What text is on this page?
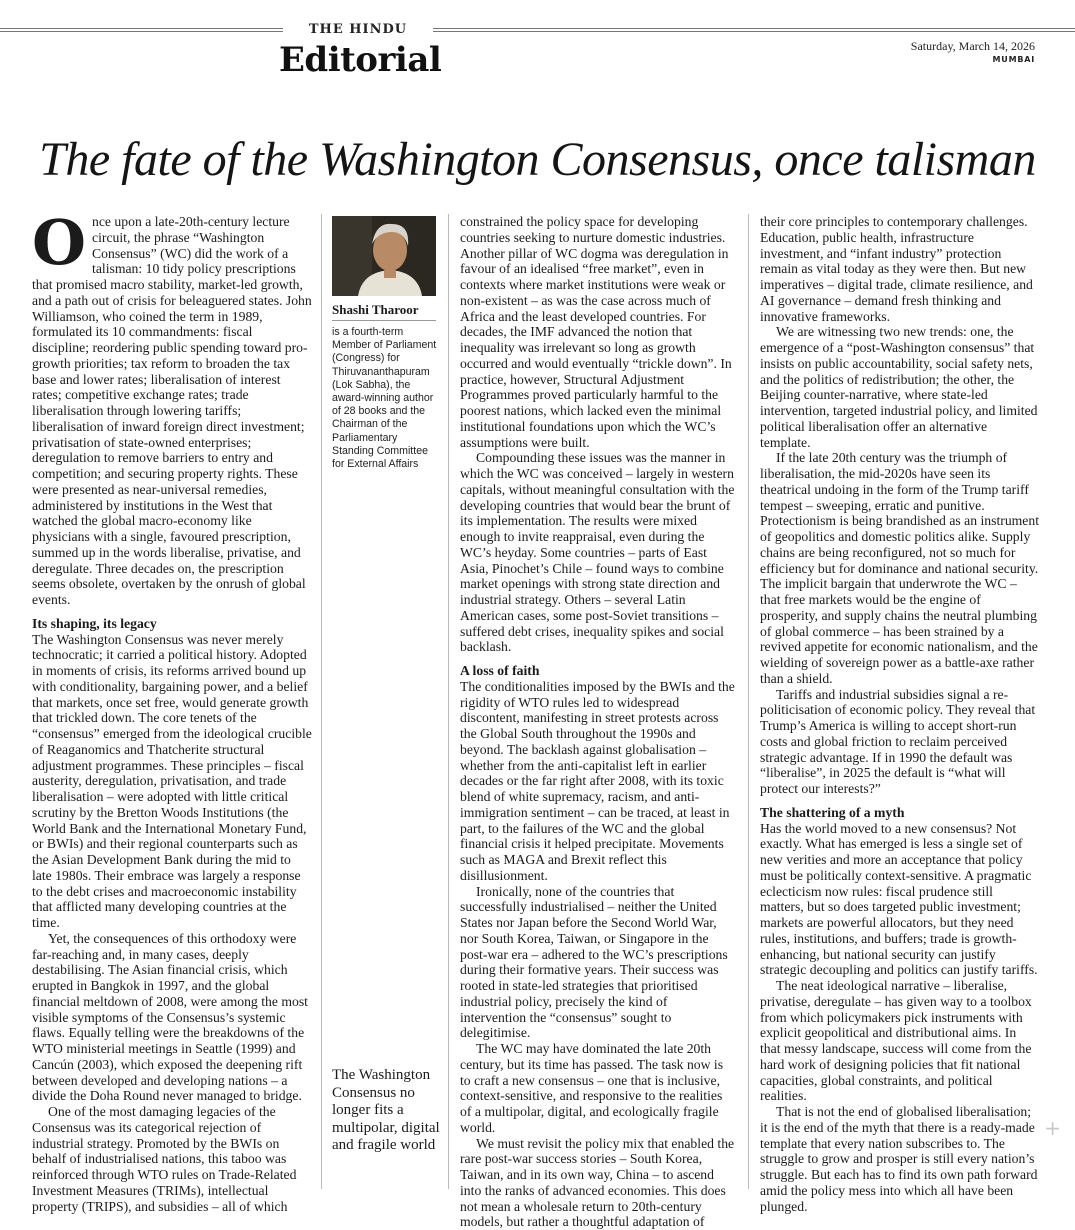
THE HINDU
Editorial	Saturday, March 14, 2026
MUMBAI
The fate of the Washington Consensus, once talisman

Once upon a late-20th-century lecture circuit, the phrase “Washington Consensus” (WC) did the work of a talisman: 10 tidy policy prescriptions that promised macro stability, market-led growth, and a path out of crisis for beleaguered states. John Williamson, who coined the term in 1989, formulated its 10 commandments: fiscal discipline; reordering public spending toward pro-growth priorities; tax reform to broaden the tax base and lower rates; liberalisation of interest rates; competitive exchange rates; trade liberalisation through lowering tariffs; liberalisation of inward foreign direct investment; privatisation of state-owned enterprises; deregulation to remove barriers to entry and competition; and securing property rights. These were presented as near-universal remedies, administered by institutions in the West that watched the global macro-economy like physicians with a single, favoured prescription, summed up in the words liberalise, privatise, and deregulate. Three decades on, the prescription seems obsolete, overtaken by the onrush of global events.

Its shaping, its legacy

The Washington Consensus was never merely technocratic; it carried a political history. Adopted in moments of crisis, its reforms arrived bound up with conditionality, bargaining power, and a belief that markets, once set free, would generate growth that trickled down. The core tenets of the “consensus” emerged from the ideological crucible of Reaganomics and Thatcherite structural adjustment programmes. These principles – fiscal austerity, deregulation, privatisation, and trade liberalisation – were adopted with little critical scrutiny by the Bretton Woods Institutions (the World Bank and the International Monetary Fund, or BWIs) and their regional counterparts such as the Asian Development Bank during the mid to late 1980s. Their embrace was largely a response to the debt crises and macroeconomic instability that afflicted many developing countries at the time.

Yet, the consequences of this orthodoxy were far-reaching and, in many cases, deeply destabilising. The Asian financial crisis, which erupted in Bangkok in 1997, and the global financial meltdown of 2008, were among the most visible symptoms of the Consensus’s systemic flaws. Equally telling were the breakdowns of the WTO ministerial meetings in Seattle (1999) and Cancún (2003), which exposed the deepening rift between developed and developing nations – a divide the Doha Round never managed to bridge.

One of the most damaging legacies of the Consensus was its categorical rejection of industrial strategy. Promoted by the BWIs on behalf of industrialised nations, this taboo was reinforced through WTO rules on Trade-Related Investment Measures (TRIMs), intellectual property (TRIPS), and subsidies – all of which

Shashi Tharoor
is a fourth-term Member of Parliament (Congress) for Thiruvananthapuram (Lok Sabha), the award-winning author of 28 books and the Chairman of the Parliamentary Standing Committee for External Affairs
The Washington Consensus no longer fits a multipolar, digital and fragile world

constrained the policy space for developing countries seeking to nurture domestic industries. Another pillar of WC dogma was deregulation in favour of an idealised “free market”, even in contexts where market institutions were weak or non-existent – as was the case across much of Africa and the least developed countries. For decades, the IMF advanced the notion that inequality was irrelevant so long as growth occurred and would eventually “trickle down”. In practice, however, Structural Adjustment Programmes proved particularly harmful to the poorest nations, which lacked even the minimal institutional foundations upon which the WC’s assumptions were built.

Compounding these issues was the manner in which the WC was conceived – largely in western capitals, without meaningful consultation with the developing countries that would bear the brunt of its implementation. The results were mixed enough to invite reappraisal, even during the WC’s heyday. Some countries – parts of East Asia, Pinochet’s Chile – found ways to combine market openings with strong state direction and industrial strategy. Others – several Latin American cases, some post-Soviet transitions – suffered debt crises, inequality spikes and social backlash.

A loss of faith

The conditionalities imposed by the BWIs and the rigidity of WTO rules led to widespread discontent, manifesting in street protests across the Global South throughout the 1990s and beyond. The backlash against globalisation – whether from the anti-capitalist left in earlier decades or the far right after 2008, with its toxic blend of white supremacy, racism, and anti-immigration sentiment – can be traced, at least in part, to the failures of the WC and the global financial crisis it helped precipitate. Movements such as MAGA and Brexit reflect this disillusionment.

Ironically, none of the countries that successfully industrialised – neither the United States nor Japan before the Second World War, nor South Korea, Taiwan, or Singapore in the post-war era – adhered to the WC’s prescriptions during their formative years. Their success was rooted in state-led strategies that prioritised industrial policy, precisely the kind of intervention the “consensus” sought to delegitimise.

The WC may have dominated the late 20th century, but its time has passed. The task now is to craft a new consensus – one that is inclusive, context-sensitive, and responsive to the realities of a multipolar, digital, and ecologically fragile world.

We must revisit the policy mix that enabled the rare post-war success stories – South Korea, Taiwan, and in its own way, China – to ascend into the ranks of advanced economies. This does not mean a wholesale return to 20th-century models, but rather a thoughtful adaptation of

their core principles to contemporary challenges. Education, public health, infrastructure investment, and “infant industry” protection remain as vital today as they were then. But new imperatives – digital trade, climate resilience, and AI governance – demand fresh thinking and innovative frameworks.

We are witnessing two new trends: one, the emergence of a “post-Washington consensus” that insists on public accountability, social safety nets, and the politics of redistribution; the other, the Beijing counter-narrative, where state-led intervention, targeted industrial policy, and limited political liberalisation offer an alternative template.

If the late 20th century was the triumph of liberalisation, the mid-2020s have seen its theatrical undoing in the form of the Trump tariff tempest – sweeping, erratic and punitive. Protectionism is being brandished as an instrument of geopolitics and domestic politics alike. Supply chains are being reconfigured, not so much for efficiency but for dominance and national security. The implicit bargain that underwrote the WC – that free markets would be the engine of prosperity, and supply chains the neutral plumbing of global commerce – has been strained by a revived appetite for economic nationalism, and the wielding of sovereign power as a battle-axe rather than a shield.

Tariffs and industrial subsidies signal a re-politicisation of economic policy. They reveal that Trump’s America is willing to accept short-run costs and global friction to reclaim perceived strategic advantage. If in 1990 the default was “liberalise”, in 2025 the default is “what will protect our interests?”

The shattering of a myth

Has the world moved to a new consensus? Not exactly. What has emerged is less a single set of new verities and more an acceptance that policy must be politically context-sensitive. A pragmatic eclecticism now rules: fiscal prudence still matters, but so does targeted public investment; markets are powerful allocators, but they need rules, institutions, and buffers; trade is growth-enhancing, but national security can justify strategic decoupling and politics can justify tariffs.

The neat ideological narrative – liberalise, privatise, deregulate – has given way to a toolbox from which policymakers pick instruments with explicit geopolitical and distributional aims. In that messy landscape, success will come from the hard work of designing policies that fit national capacities, global constraints, and political realities.

That is not the end of globalised liberalisation; it is the end of the myth that there is a ready-made template that every nation subscribes to. The struggle to grow and prosper is still every nation’s struggle. But each has to find its own path forward amid the policy mess into which all have been plunged.

+
